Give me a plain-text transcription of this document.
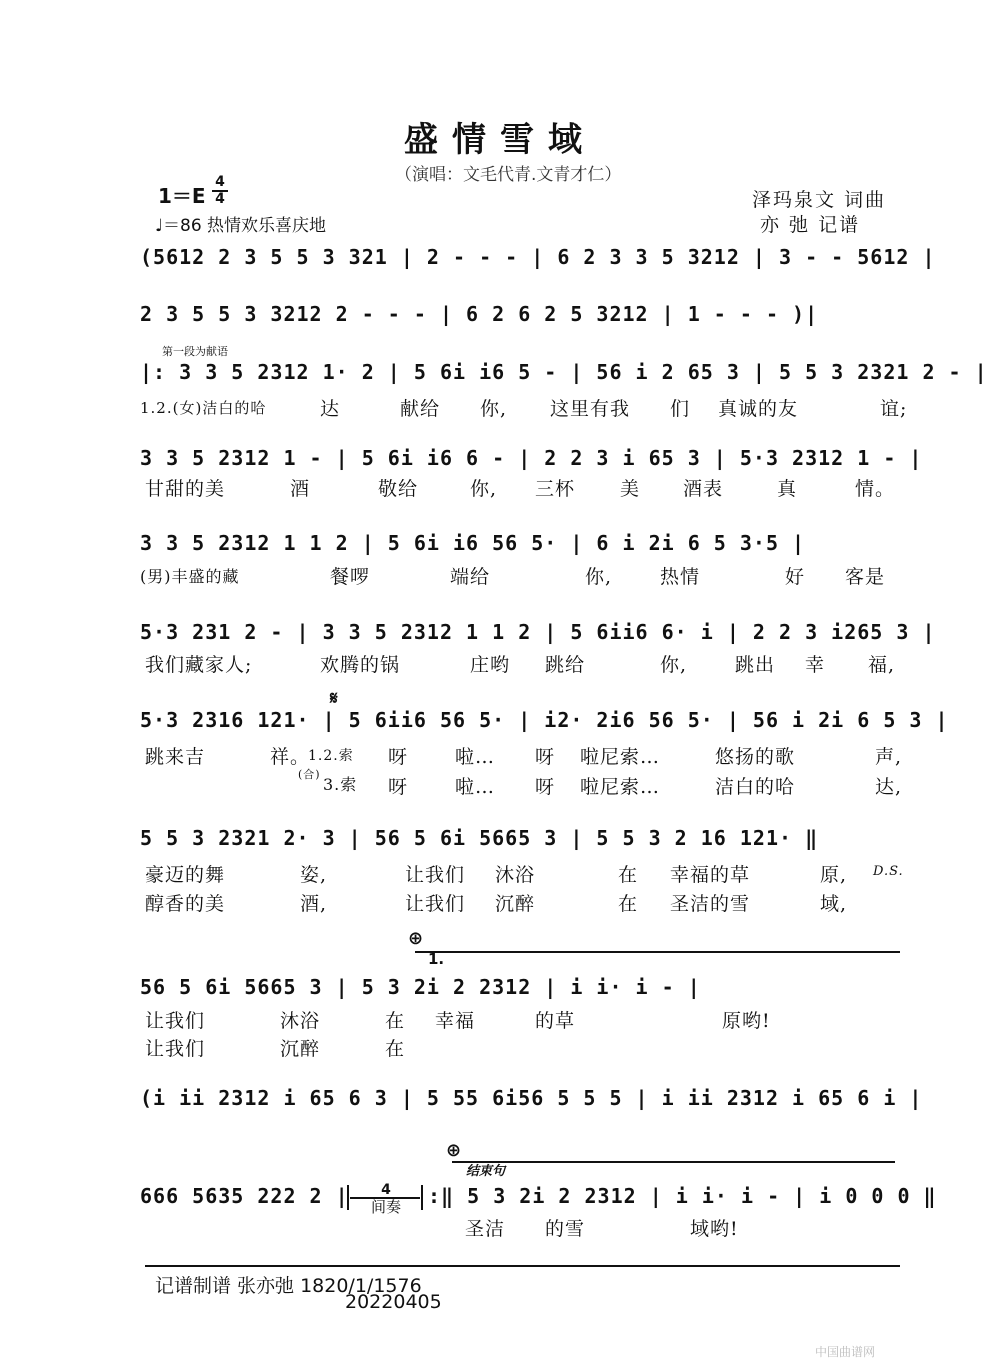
盛情雪域
（演唱：文毛代青.文青才仁）
1＝E
4
4
♩＝86 热情欢乐喜庆地
泽玛泉文 词曲
亦 弛 记谱
(5612 2 3 5 5 3 321 | 2 - - - | 6 2 3 3 5 3212 | 3 - - 5612 |
2 3 5 5 3 3212 2 - - - | 6 2 6 2 5 3212 | 1 - - - )|
第一段为献语
|: 3 3 5 2312 1· 2 | 5 6i i6 5 - | 56 i 2 65 3 | 5 5 3 2321 2 - |
1.2.(女)洁白的哈	达	献给 你, 这里有我 们 真诚的友	谊;
3 3 5 2312 1 - | 5 6i i6 6 - | 2 2 3 i 65 3 | 5·3 2312 1 - |
甘甜的美	酒	敬给	你, 三杯 美 酒表	真	情。
3 3 5 2312 1 1 2 | 5 6i i6 56 5· | 6 i 2i 6 5 3·5 |
(男)丰盛的藏	餐啰	端给	你,	热情	好 客是
5·3 231 2 - | 3 3 5 2312 1 1 2 | 5 6ii6 6· i | 2 2 3 i265 3 |
我们藏家人;	欢腾的锅	庄哟 跳给	你,	跳出 幸 福,
𝄋
5·3 2316 121· | 5 6ii6 56 5· | i2· 2i6 56 5· | 56 i 2i 6 5 3 |
跳来吉	祥。
1.2.索 呀 啦… 呀 啦尼索…	悠扬的歌	声,
(合)
3.索 呀 啦… 呀 啦尼索…	洁白的哈	达,
5 5 3 2321 2· 3 | 56 5 6i 5665 3 | 5 5 3 2 16 121· ‖
豪迈的舞	姿,	让我们 沐浴	在 幸福的草	原, D.S.
醇香的美	酒,	让我们 沉醉	在 圣洁的雪	域,
⊕
1.
56 5 6i 5665 3 | 5 3 2i 2 2312 | i i· i - |
让我们	沐浴	在 幸福	的草	原哟!
让我们	沉醉	在
(i ii 2312 i 65 6 3 | 5 55 6i56 5 5 5 | i ii 2312 i 65 6 i |
⊕
结束句
666 5635 222 2 |	4
间奏	:‖ 5 3 2i 2 2312 | i i· i - | i 0 0 0 ‖
圣洁 的雪	域哟!
记谱制谱 张亦弛 1820/1/1576
20220405
中国曲谱网
